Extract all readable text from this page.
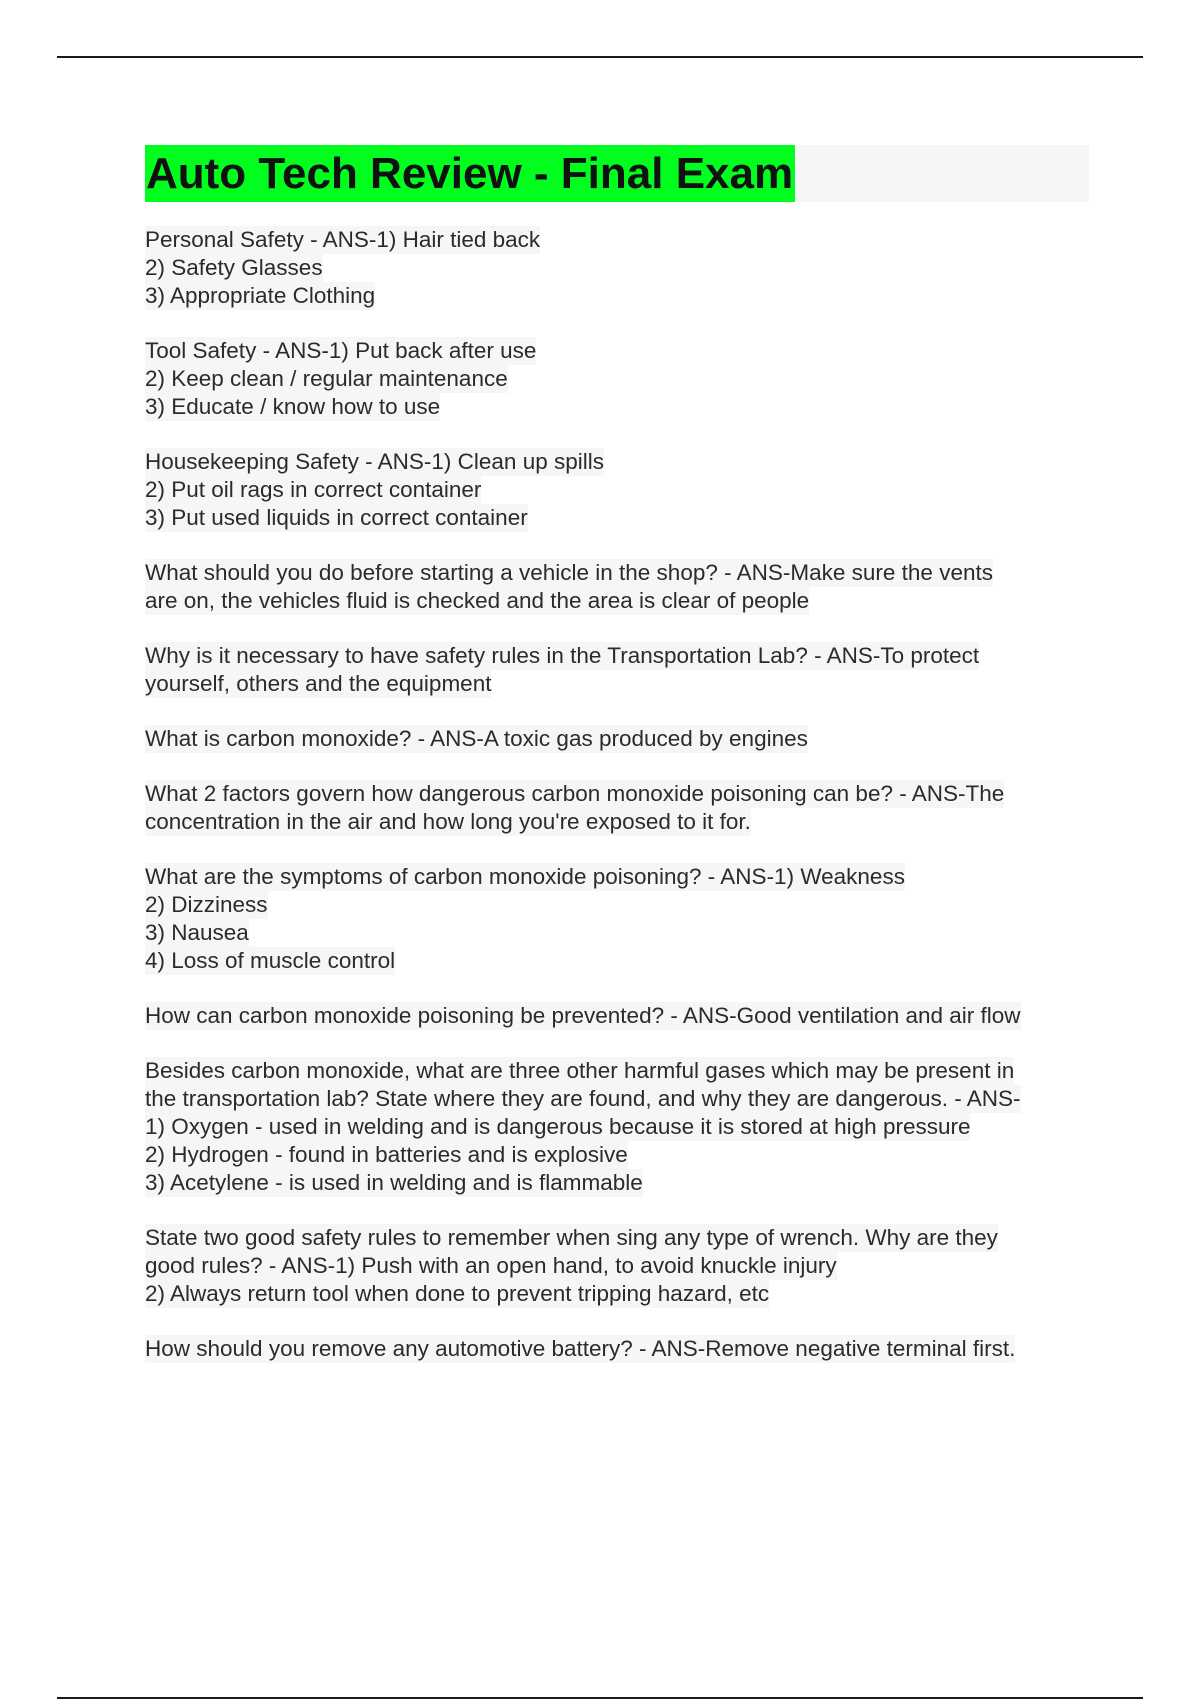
Auto Tech Review - Final Exam
Personal Safety - ANS-1) Hair tied back
2) Safety Glasses
3) Appropriate Clothing
Tool Safety - ANS-1) Put back after use
2) Keep clean / regular maintenance
3) Educate / know how to use
Housekeeping Safety - ANS-1) Clean up spills
2) Put oil rags in correct container
3) Put used liquids in correct container
What should you do before starting a vehicle in the shop? - ANS-Make sure the vents
are on, the vehicles fluid is checked and the area is clear of people
Why is it necessary to have safety rules in the Transportation Lab? - ANS-To protect
yourself, others and the equipment
What is carbon monoxide? - ANS-A toxic gas produced by engines
What 2 factors govern how dangerous carbon monoxide poisoning can be? - ANS-The
concentration in the air and how long you're exposed to it for.
What are the symptoms of carbon monoxide poisoning? - ANS-1) Weakness
2) Dizziness
3) Nausea
4) Loss of muscle control
How can carbon monoxide poisoning be prevented? - ANS-Good ventilation and air flow
Besides carbon monoxide, what are three other harmful gases which may be present in
the transportation lab? State where they are found, and why they are dangerous. - ANS-
1) Oxygen - used in welding and is dangerous because it is stored at high pressure
2) Hydrogen - found in batteries and is explosive
3) Acetylene - is used in welding and is flammable
State two good safety rules to remember when sing any type of wrench. Why are they
good rules? - ANS-1) Push with an open hand, to avoid knuckle injury
2) Always return tool when done to prevent tripping hazard, etc
How should you remove any automotive battery? - ANS-Remove negative terminal first.
